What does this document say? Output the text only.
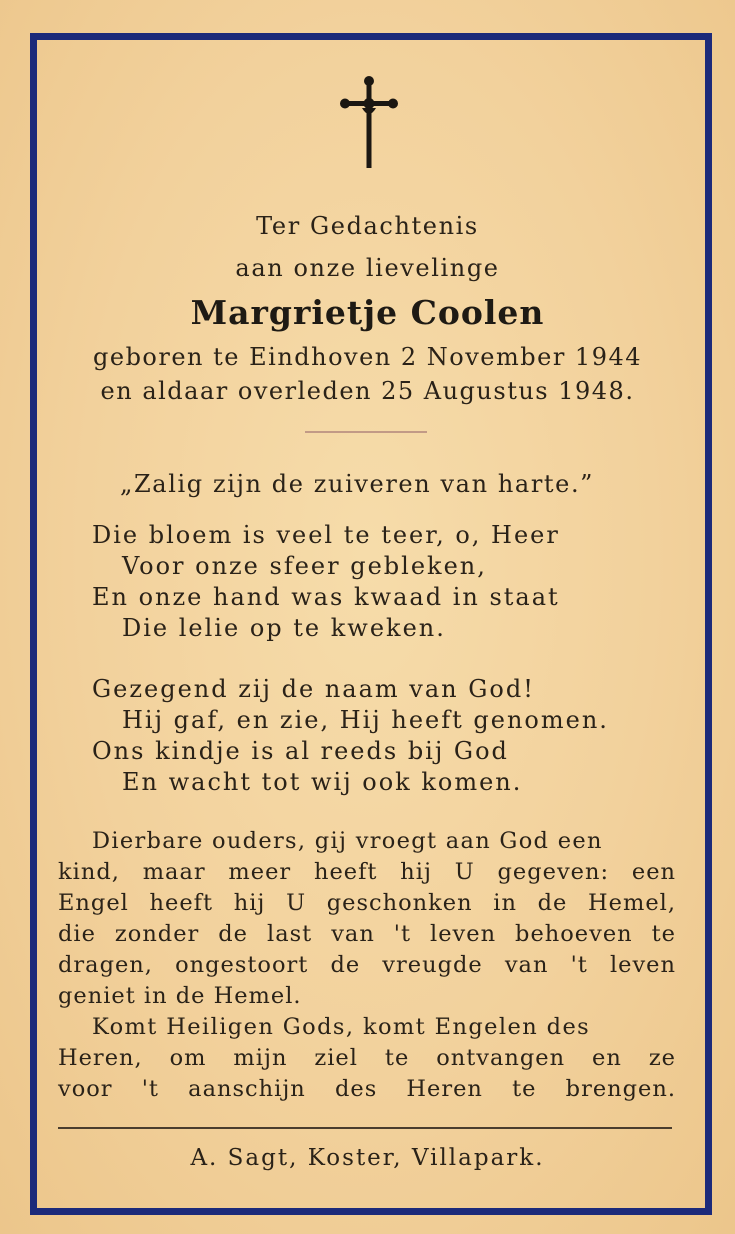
Ter Gedachtenis
aan onze lievelinge
Margrietje Coolen
geboren te Eindhoven 2 November 1944
en aldaar overleden 25 Augustus 1948.
„Zalig zijn de zuiveren van harte.”
Die bloem is veel te teer, o, Heer
Voor onze sfeer gebleken,
En onze hand was kwaad in staat
Die lelie op te kweken.
Gezegend zij de naam van God!
Hij gaf, en zie, Hij heeft genomen.
Ons kindje is al reeds bij God
En wacht tot wij ook komen.
Dierbare ouders, gij vroegt aan God een
kind, maar meer heeft hij U gegeven: een
Engel heeft hij U geschonken in de Hemel,
die zonder de last van 't leven behoeven te
dragen, ongestoort de vreugde van 't leven
geniet in de Hemel.
Komt Heiligen Gods, komt Engelen des
Heren, om mijn ziel te ontvangen en ze
voor 't aanschijn des Heren te brengen.
A. Sagt, Koster, Villapark.
